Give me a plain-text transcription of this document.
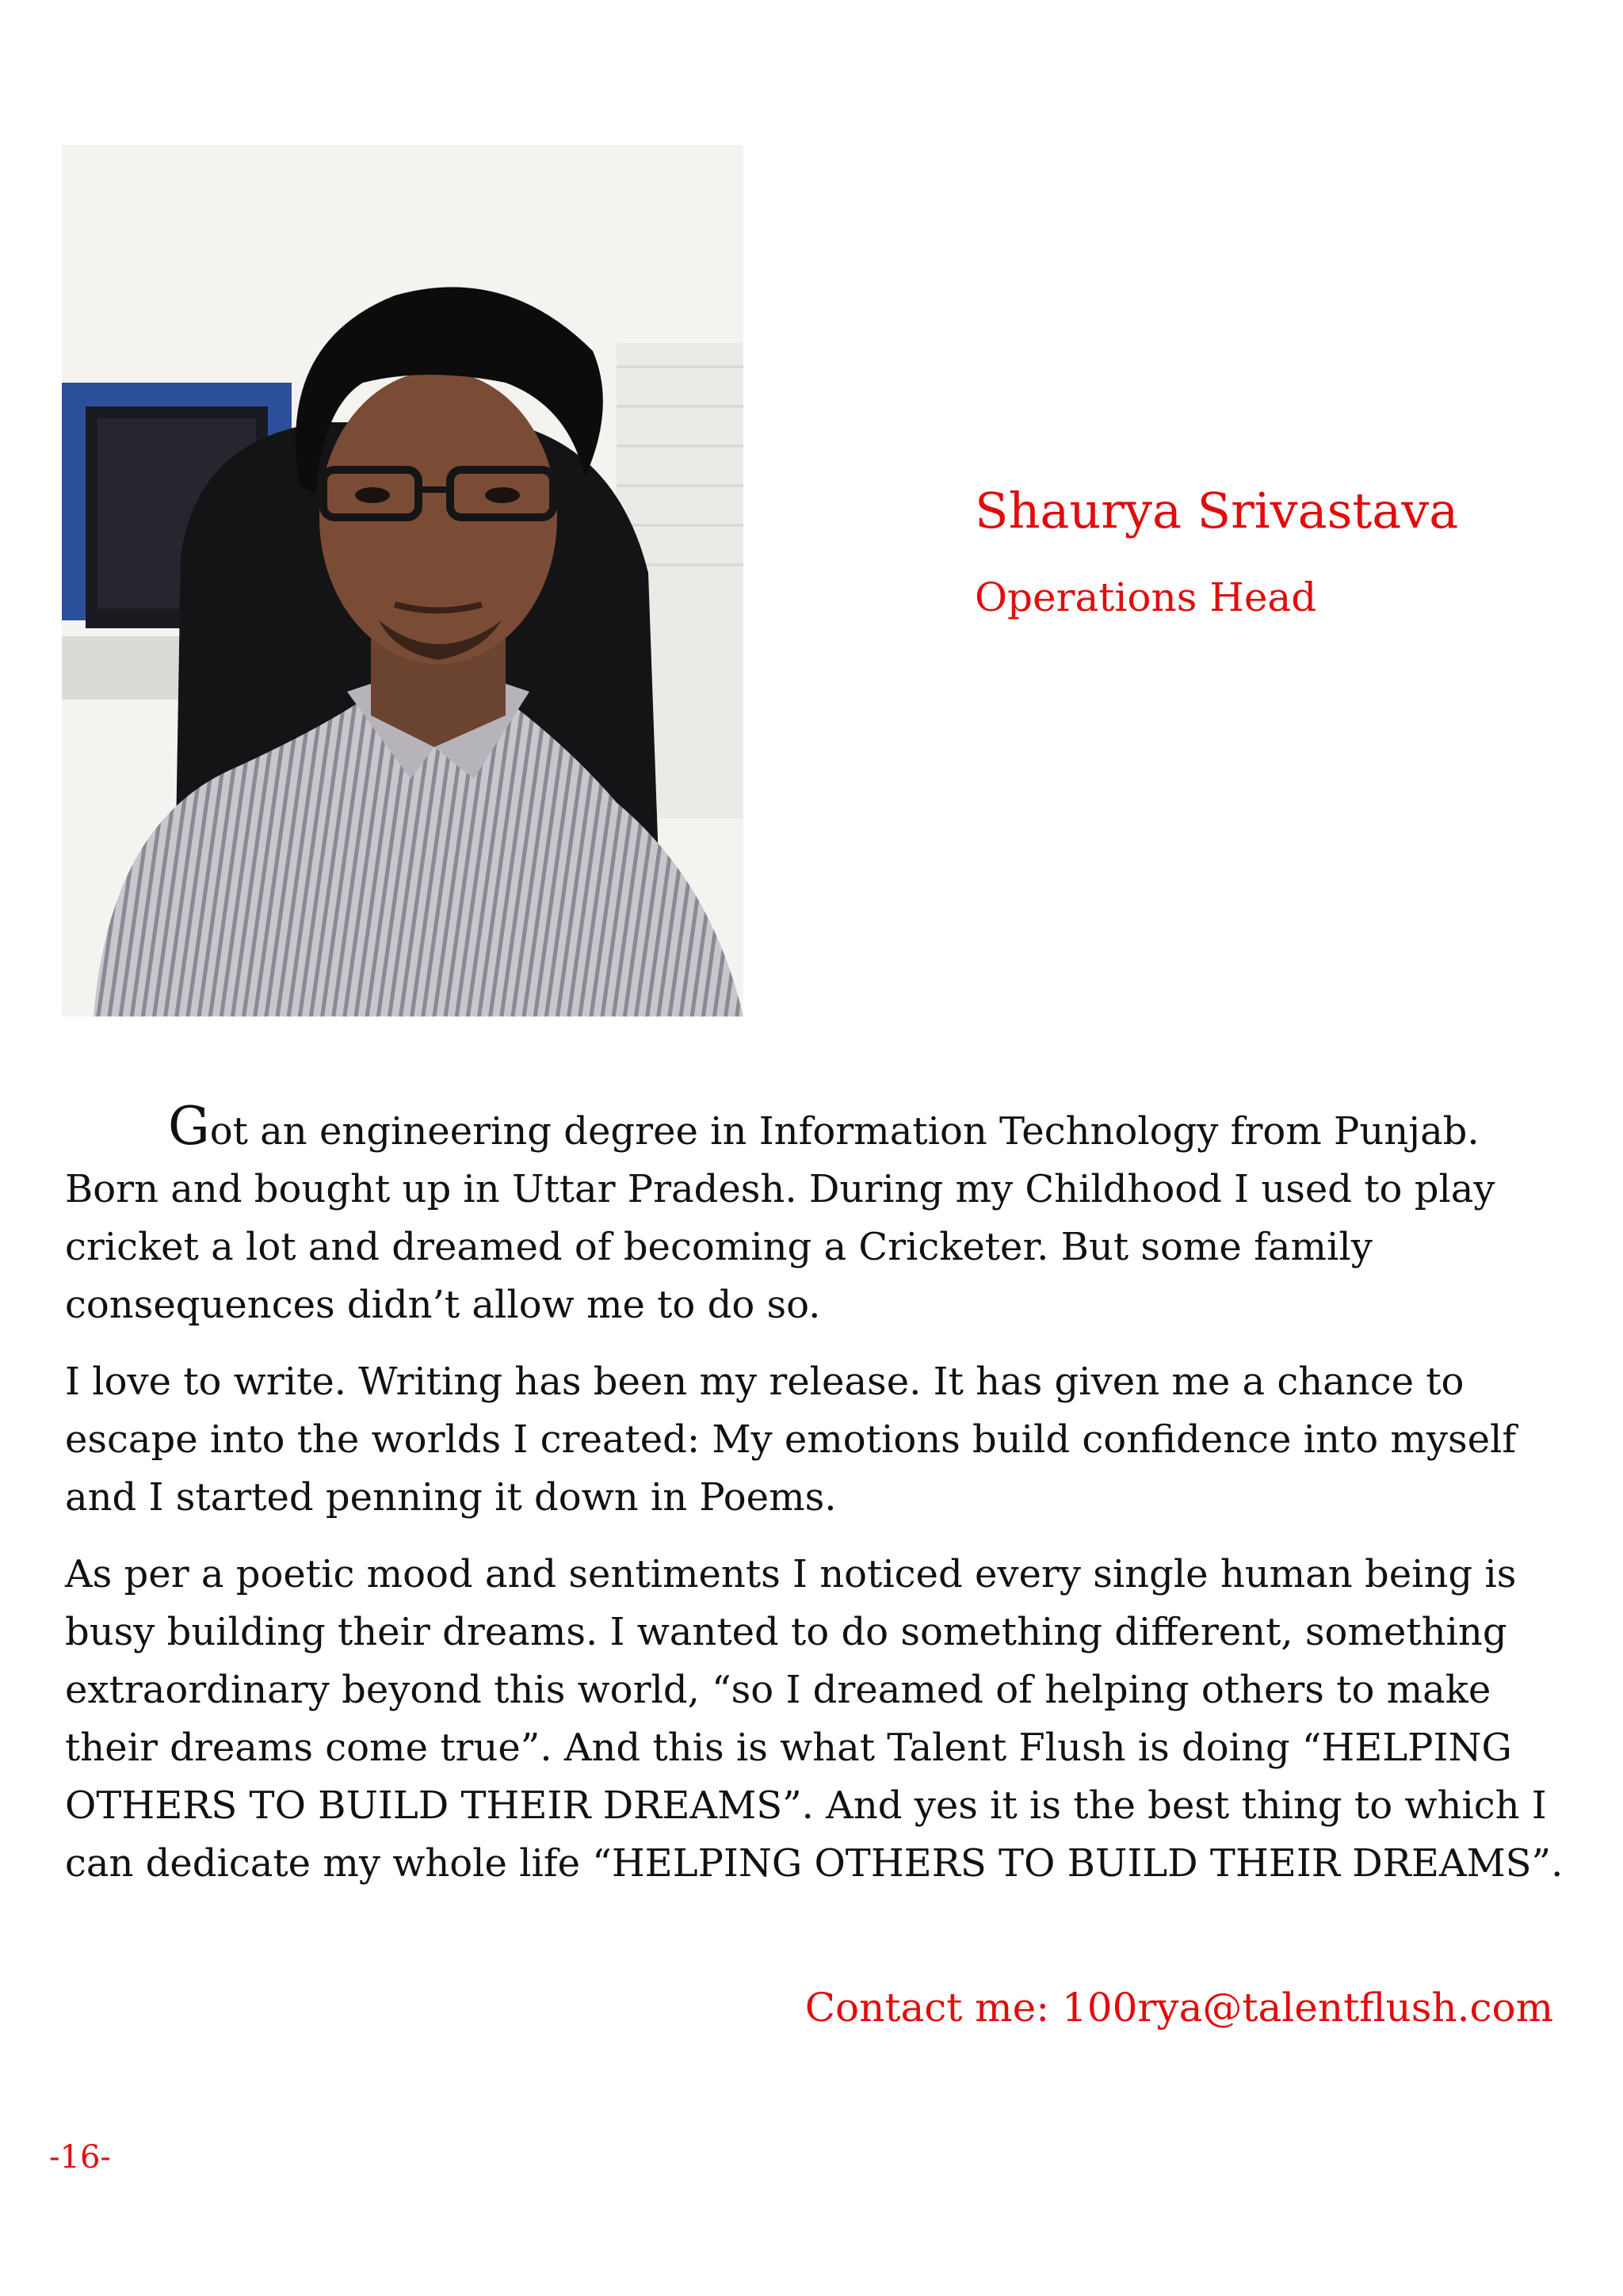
Shaurya Srivastava
Operations Head

Got an engineering degree in Information Technology from Punjab. Born and bought up in Uttar Pradesh. During my Childhood I used to play cricket a lot and dreamed of becoming a Cricketer. But some family consequences didn’t allow me to do so.

I love to write. Writing has been my release. It has given me a chance to escape into the worlds I created: My emotions build confidence into myself and I started penning it down in Poems.

As per a poetic mood and sentiments I noticed every single human being is busy building their dreams. I wanted to do something different, something extraordinary beyond this world, “so I dreamed of helping others to make their dreams come true”. And this is what Talent Flush is doing “HELPING OTHERS TO BUILD THEIR DREAMS”. And yes it is the best thing to which I can dedicate my whole life “HELPING OTHERS TO BUILD THEIR DREAMS”.

Contact me: 100rya@talentflush.com
-16-
